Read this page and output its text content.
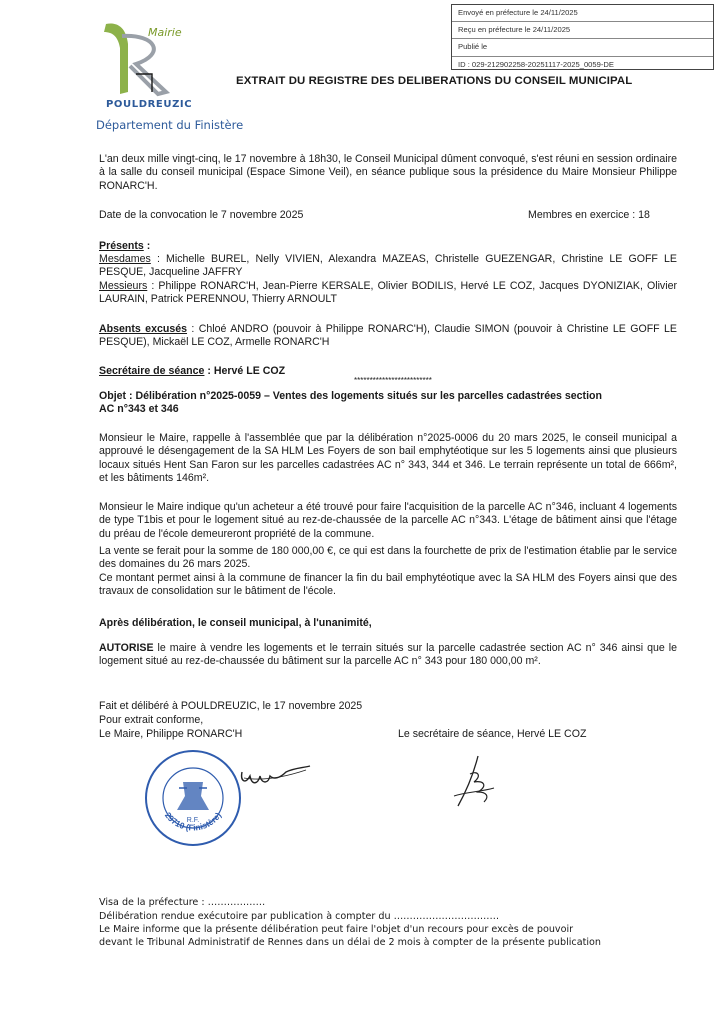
Envoyé en préfecture le 24/11/2025
Reçu en préfecture le 24/11/2025
Publié le
ID : 029-212902258-20251117-2025_0059-DE
Mairie
POULDREUZIC
Département du Finistère
EXTRAIT DU REGISTRE DES DELIBERATIONS DU CONSEIL MUNICIPAL
L'an deux mille vingt-cinq, le 17 novembre à 18h30, le Conseil Municipal dûment convoqué, s'est réuni en session ordinaire à la salle du conseil municipal (Espace Simone Veil), en séance publique sous la présidence du Maire Monsieur Philippe RONARC'H.
Date de la convocation le 7 novembre 2025	Membres en exercice : 18
Présents :
Mesdames : Michelle BUREL, Nelly VIVIEN, Alexandra MAZEAS, Christelle GUEZENGAR, Christine LE GOFF LE PESQUE, Jacqueline JAFFRY
Messieurs : Philippe RONARC'H, Jean-Pierre KERSALE, Olivier BODILIS, Hervé LE COZ, Jacques DYONIZIAK, Olivier LAURAIN, Patrick PERENNOU, Thierry ARNOULT
Absents excusés : Chloé ANDRO (pouvoir à Philippe RONARC'H), Claudie SIMON (pouvoir à Christine LE GOFF LE PESQUE), Mickaël LE COZ, Armelle RONARC'H
Secrétaire de séance : Hervé LE COZ
*************************
Objet : Délibération n°2025-0059 – Ventes des logements situés sur les parcelles cadastrées section AC n°343 et 346
Monsieur le Maire, rappelle à l'assemblée que par la délibération n°2025-0006 du 20 mars 2025, le conseil municipal a approuvé le désengagement de la SA HLM Les Foyers de son bail emphytéotique sur les 5 logements ainsi que plusieurs locaux situés Hent San Faron sur les parcelles cadastrées AC n° 343, 344 et 346. Le terrain représente un total de 666m², et les bâtiments 146m².
Monsieur le Maire indique qu'un acheteur a été trouvé pour faire l'acquisition de la parcelle AC n°346, incluant 4 logements de type T1bis et pour le logement situé au rez-de-chaussée de la parcelle AC n°343. L'étage de bâtiment ainsi que l'étage du préau de l'école demeureront propriété de la commune.
La vente se ferait pour la somme de 180 000,00 €, ce qui est dans la fourchette de prix de l'estimation établie par le service des domaines du 26 mars 2025.
Ce montant permet ainsi à la commune de financer la fin du bail emphytéotique avec la SA HLM des Foyers ainsi que des travaux de consolidation sur le bâtiment de l'école.
Après délibération, le conseil municipal, à l'unanimité,
AUTORISE le maire à vendre les logements et le terrain situés sur la parcelle cadastrée section AC n° 346 ainsi que le logement situé au rez-de-chaussée du bâtiment sur la parcelle AC n° 343 pour 180 000,00 m².
Fait et délibéré à POULDREUZIC, le 17 novembre 2025
Pour extrait conforme,
Le Maire, Philippe RONARC'H	Le secrétaire de séance, Hervé LE COZ
29710 (Finistère)
R.F.
Visa de la préfecture : ………………
Délibération rendue exécutoire par publication à compter du ……………………………
Le Maire informe que la présente délibération peut faire l'objet d'un recours pour excès de pouvoir
devant le Tribunal Administratif de Rennes dans un délai de 2 mois à compter de la présente publication
